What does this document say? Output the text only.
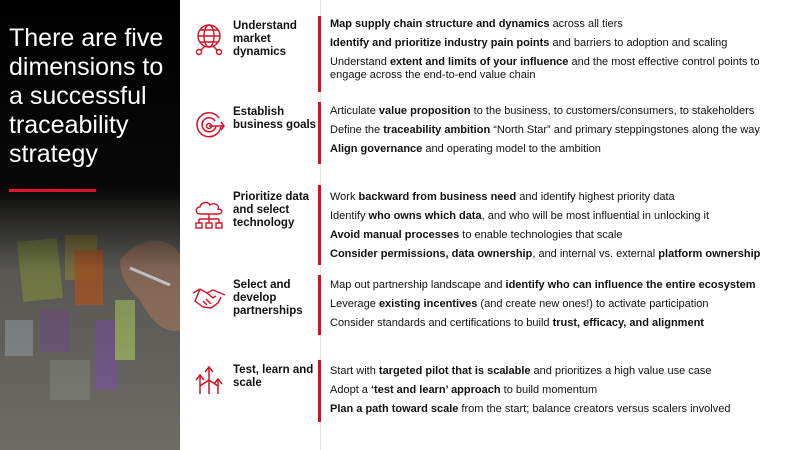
There are five dimensions to a successful traceability strategy
Understand market dynamics

Map supply chain structure and dynamics across all tiers

Identify and prioritize industry pain points and barriers to adoption and scaling

Understand extent and limits of your influence and the most effective control points to engage across the end-to-end value chain

Establish business goals

Articulate value proposition to the business, to customers/consumers, to stakeholders

Define the traceability ambition “North Star” and primary steppingstones along the way

Align governance and operating model to the ambition

Prioritize data and select technology

Work backward from business need and identify highest priority data

Identify who owns which data, and who will be most influential in unlocking it

Avoid manual processes to enable technologies that scale

Consider permissions, data ownership, and internal vs. external platform ownership

Select and develop partnerships

Map out partnership landscape and identify who can influence the entire ecosystem

Leverage existing incentives (and create new ones!) to activate participation

Consider standards and certifications to build trust, efficacy, and alignment

Test, learn and scale

Start with targeted pilot that is scalable and prioritizes a high value use case

Adopt a ‘test and learn’ approach to build momentum

Plan a path toward scale from the start; balance creators versus scalers involved
